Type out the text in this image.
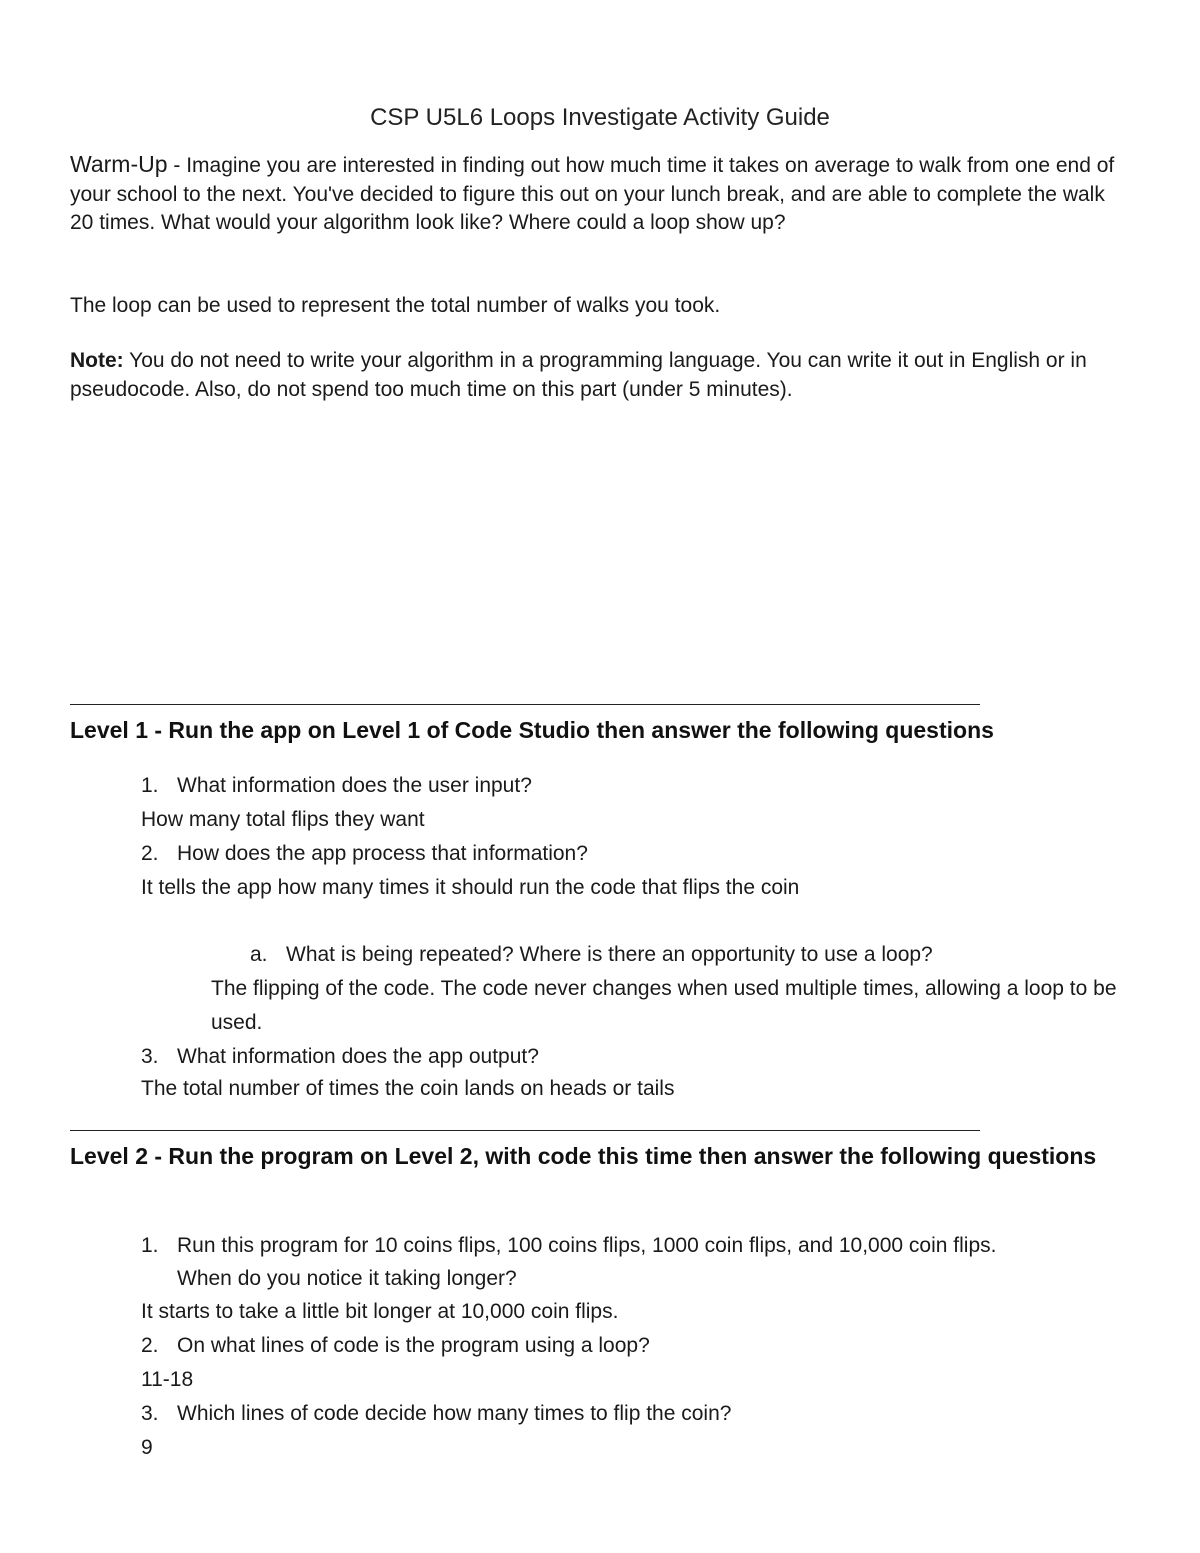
CSP U5L6 Loops Investigate Activity Guide
Warm-Up - Imagine you are interested in finding out how much time it takes on average to walk from one end of your school to the next. You've decided to figure this out on your lunch break, and are able to complete the walk 20 times. What would your algorithm look like? Where could a loop show up?
The loop can be used to represent the total number of walks you took.
Note: You do not need to write your algorithm in a programming language. You can write it out in English or in pseudocode. Also, do not spend too much time on this part (under 5 minutes).
Level 1 - Run the app on Level 1 of Code Studio then answer the following questions
1. What information does the user input?
How many total flips they want
2. How does the app process that information?
It tells the app how many times it should run the code that flips the coin
a. What is being repeated? Where is there an opportunity to use a loop?
The flipping of the code. The code never changes when used multiple times, allowing a loop to be used.
3. What information does the app output?
The total number of times the coin lands on heads or tails
Level 2 - Run the program on Level 2, with code this time then answer the following questions
1. Run this program for 10 coins flips, 100 coins flips, 1000 coin flips, and 10,000 coin flips.
When do you notice it taking longer?
It starts to take a little bit longer at 10,000 coin flips.
2. On what lines of code is the program using a loop?
11-18
3. Which lines of code decide how many times to flip the coin?
9
